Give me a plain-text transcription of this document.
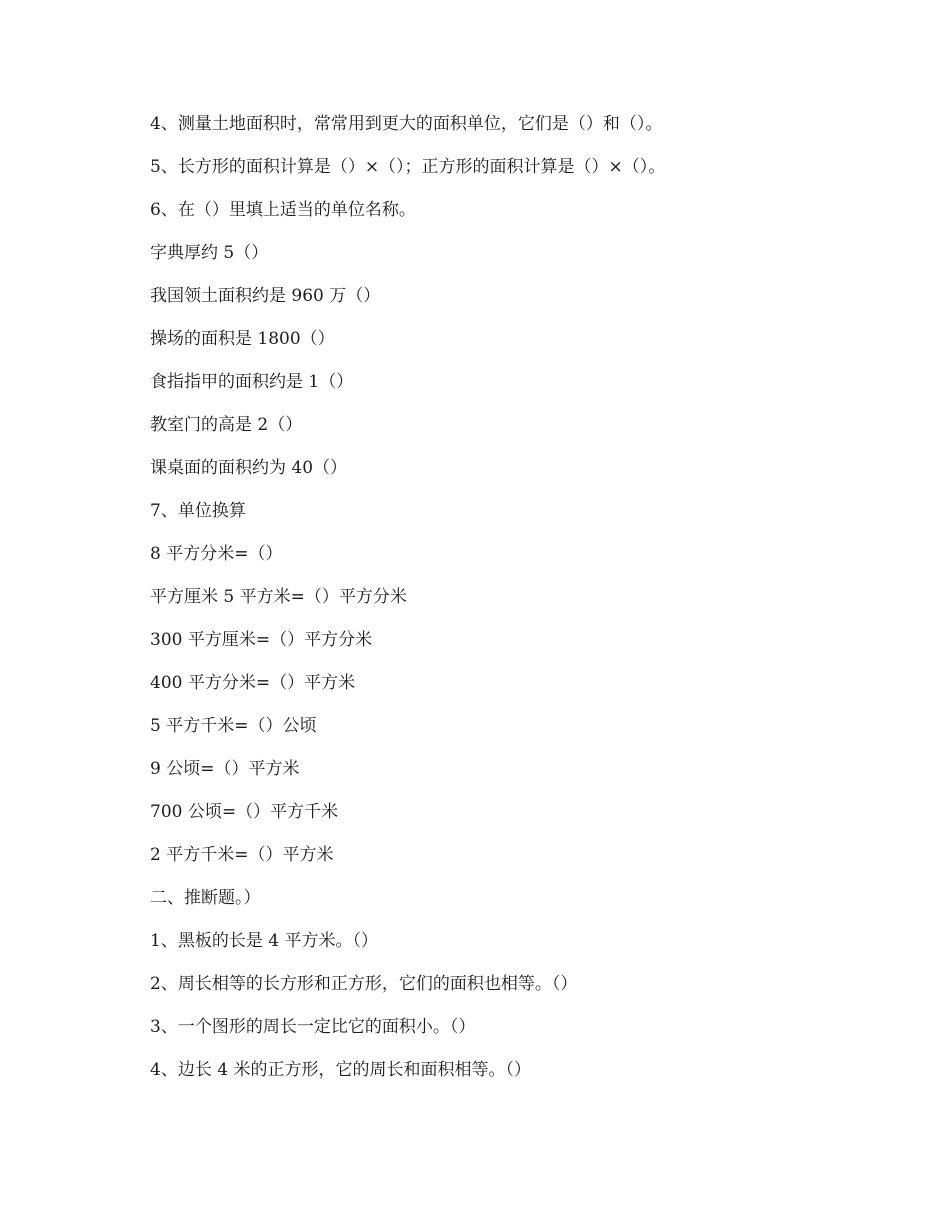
4、测量土地面积时，常常用到更大的面积单位，它们是（）和（）。
5、长方形的面积计算是（）×（）；正方形的面积计算是（）×（）。
6、在（）里填上适当的单位名称。
字典厚约 5（）
我国领土面积约是 960 万（）
操场的面积是 1800（）
食指指甲的面积约是 1（）
教室门的高是 2（）
课桌面的面积约为 40（）
7、单位换算
8 平方分米=（）
平方厘米 5 平方米=（）平方分米
300 平方厘米=（）平方分米
400 平方分米=（）平方米
5 平方千米=（）公顷
9 公顷=（）平方米
700 公顷=（）平方千米
2 平方千米=（）平方米
二、推断题。）
1、黑板的长是 4 平方米。（）
2、周长相等的长方形和正方形，它们的面积也相等。（）
3、一个图形的周长一定比它的面积小。（）
4、边长 4 米的正方形，它的周长和面积相等。（）
